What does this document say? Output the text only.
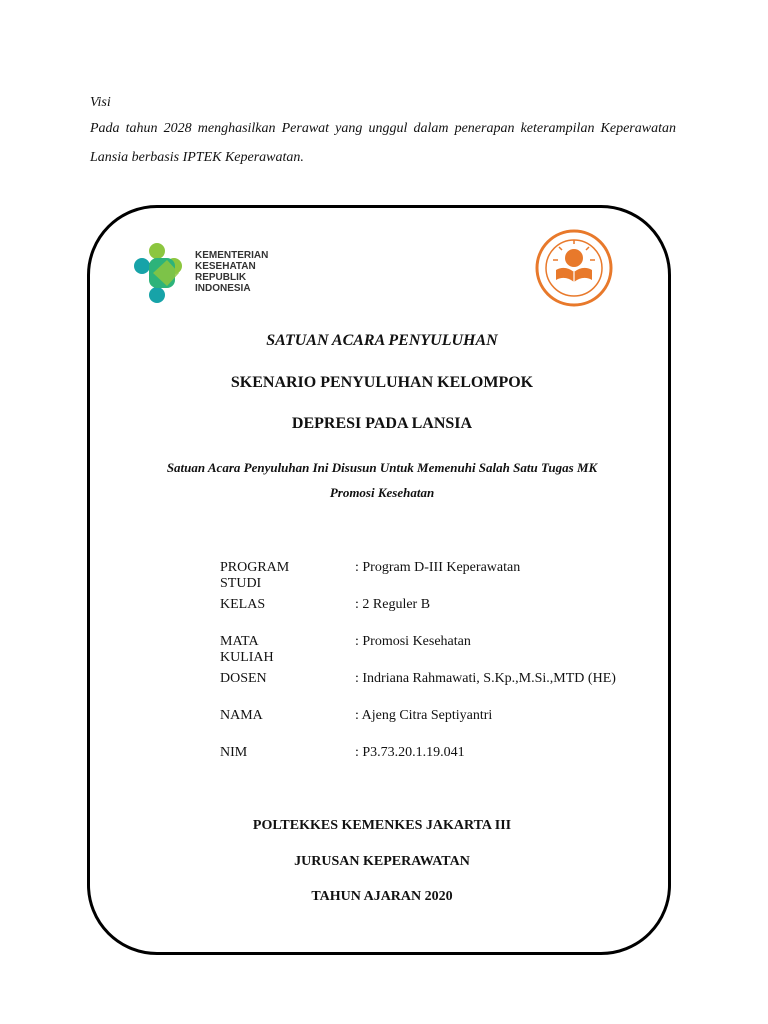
Visi
Pada tahun 2028 menghasilkan Perawat yang unggul dalam penerapan keterampilan Keperawatan Lansia berbasis IPTEK Keperawatan.
KEMENTERIAN
KESEHATAN
REPUBLIK
INDONESIA
SATUAN ACARA PENYULUHAN
SKENARIO PENYULUHAN KELOMPOK
DEPRESI PADA LANSIA
Satuan Acara Penyuluhan Ini Disusun Untuk Memenuhi Salah Satu Tugas MK
Promosi Kesehatan
PROGRAM STUDI
: Program D-III Keperawatan
KELAS	: 2 Reguler B
MATA KULIAH
: Promosi Kesehatan
DOSEN	: Indriana Rahmawati, S.Kp.,M.Si.,MTD (HE)
NAMA	: Ajeng Citra Septiyantri
NIM	: P3.73.20.1.19.041
POLTEKKES KEMENKES JAKARTA III
JURUSAN KEPERAWATAN
TAHUN AJARAN 2020
